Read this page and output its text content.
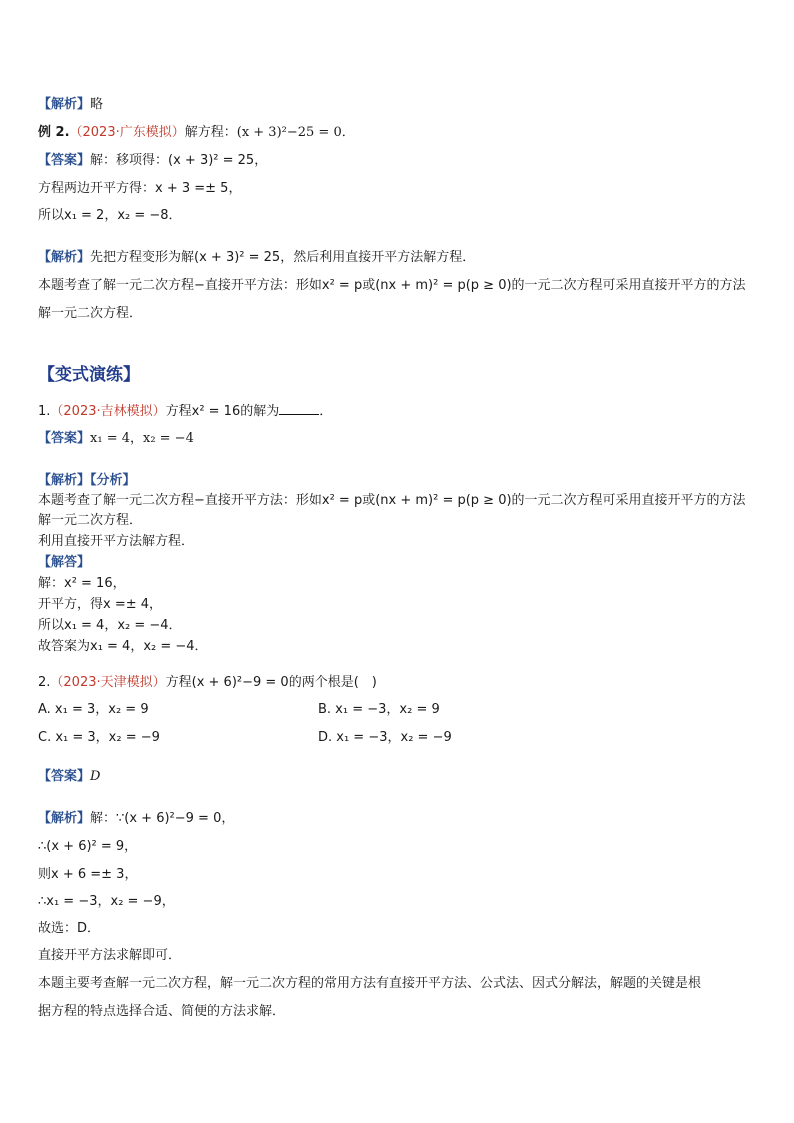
【解析】略
例 2.（2023·广东模拟）解方程：(x + 3)²−25 = 0．
【答案】解：移项得：(x + 3)² = 25，
方程两边开平方得：x + 3 =± 5，
所以x₁ = 2，x₂ = −8．
【解析】先把方程变形为解(x + 3)² = 25，然后利用直接开平方法解方程．
本题考查了解一元二次方程−直接开平方法：形如x² = p或(nx + m)² = p(p ≥ 0)的一元二次方程可采用直接开平方的方法
解一元二次方程．
【变式演练】
1.（2023·吉林模拟）方程x² = 16的解为	．
【答案】x₁ = 4，x₂ = −4
【解析】【分析】
本题考查了解一元二次方程−直接开平方法：形如x² = p或(nx + m)² = p(p ≥ 0)的一元二次方程可采用直接开平方的方法
解一元二次方程．
利用直接开平方法解方程．
【解答】
解：x² = 16，
开平方，得x =± 4，
所以x₁ = 4，x₂ = −4．
故答案为x₁ = 4，x₂ = −4．
2.（2023·天津模拟）方程(x + 6)²−9 = 0的两个根是(　)
A. x₁ = 3，x₂ = 9	B. x₁ = −3，x₂ = 9
C. x₁ = 3，x₂ = −9	D. x₁ = −3，x₂ = −9
【答案】D
【解析】解：∵(x + 6)²−9 = 0，
∴(x + 6)² = 9，
则x + 6 =± 3，
∴x₁ = −3，x₂ = −9，
故选：D．
直接开平方法求解即可．
本题主要考查解一元二次方程，解一元二次方程的常用方法有直接开平方法、公式法、因式分解法，解题的关键是根
据方程的特点选择合适、简便的方法求解．
